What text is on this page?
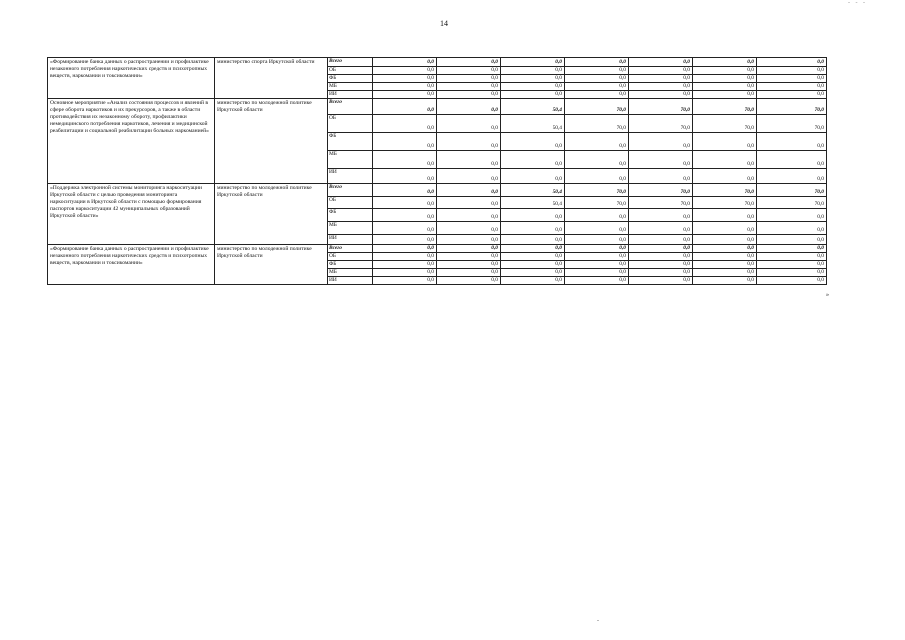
- - -
14
«Формирование банка данных о распространении и профилактике незаконного потребления наркотических средств и психотропных веществ, наркомании и токсикомании»	министерство спорта Иркутской области	Всего	0,0	0,0	0,0	0,0	0,0	0,0	0,0
		ОБ	0,0	0,0	0,0	0,0	0,0	0,0	0,0
		ФБ	0,0	0,0	0,0	0,0	0,0	0,0	0,0
		МБ	0,0	0,0	0,0	0,0	0,0	0,0	0,0
		ИИ	0,0	0,0	0,0	0,0	0,0	0,0	0,0
Основное мероприятие «Анализ состояния процессов и явлений в сфере оборота наркотиков и их прекурсоров, а также в области противодействия их незаконному обороту, профилактики немедицинского потребления наркотиков, лечения и медицинской реабилитации и социальной реабилитации больных наркоманией»	министерство по молодежной политике Иркутской области	Всего	0,0	0,0	50,4	70,0	70,0	70,0	70,0
		ОБ	0,0	0,0	50,4	70,0	70,0	70,0	70,0
		ФБ	0,0	0,0	0,0	0,0	0,0	0,0	0,0
		МБ	0,0	0,0	0,0	0,0	0,0	0,0	0,0
		ИИ	0,0	0,0	0,0	0,0	0,0	0,0	0,0
«Поддержка электронной системы мониторинга наркоситуации Иркутской области с целью проведения мониторинга наркоситуации в Иркутской области с помощью формирования паспортов наркоситуации 42 муниципальных образований Иркутской области»	министерство по молодежной политике Иркутской области	Всего	0,0	0,0	50,4	70,0	70,0	70,0	70,0
		ОБ	0,0	0,0	50,4	70,0	70,0	70,0	70,0
		ФБ	0,0	0,0	0,0	0,0	0,0	0,0	0,0
		МБ	0,0	0,0	0,0	0,0	0,0	0,0	0,0
		ИИ	0,0	0,0	0,0	0,0	0,0	0,0	0,0
«Формирование банка данных о распространении и профилактике незаконного потребления наркотических средств и психотропных веществ, наркомании и токсикомании»	министерство по молодежной политике Иркутской области	Всего	0,0	0,0	0,0	0,0	0,0	0,0	0,0
		ОБ	0,0	0,0	0,0	0,0	0,0	0,0	0,0
		ФБ	0,0	0,0	0,0	0,0	0,0	0,0	0,0
		МБ	0,0	0,0	0,0	0,0	0,0	0,0	0,0
		ИИ	0,0	0,0	0,0	0,0	0,0	0,0	0,0
»
